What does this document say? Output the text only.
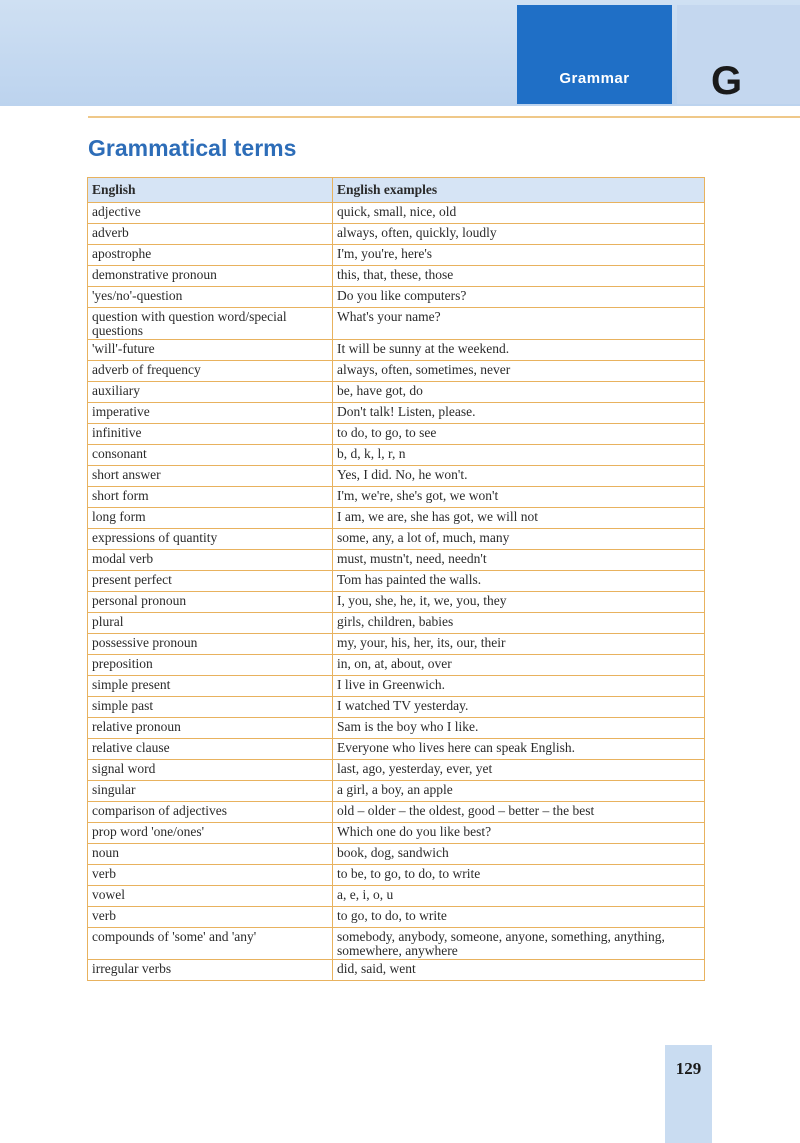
Grammar	G
Grammatical terms
English	English examples
adjective	quick, small, nice, old
adverb	always, often, quickly, loudly
apostrophe	I'm, you're, here's
demonstrative pronoun	this, that, these, those
'yes/no'-question	Do you like computers?
question with question word/special questions	What's your name?
'will'-future	It will be sunny at the weekend.
adverb of frequency	always, often, sometimes, never
auxiliary	be, have got, do
imperative	Don't talk! Listen, please.
infinitive	to do, to go, to see
consonant	b, d, k, l, r, n
short answer	Yes, I did. No, he won't.
short form	I'm, we're, she's got, we won't
long form	I am, we are, she has got, we will not
expressions of quantity	some, any, a lot of, much, many
modal verb	must, mustn't, need, needn't
present perfect	Tom has painted the walls.
personal pronoun	I, you, she, he, it, we, you, they
plural	girls, children, babies
possessive pronoun	my, your, his, her, its, our, their
preposition	in, on, at, about, over
simple present	I live in Greenwich.
simple past	I watched TV yesterday.
relative pronoun	Sam is the boy who I like.
relative clause	Everyone who lives here can speak English.
signal word	last, ago, yesterday, ever, yet
singular	a girl, a boy, an apple
comparison of adjectives	old – older – the oldest, good – better – the best
prop word 'one/ones'	Which one do you like best?
noun	book, dog, sandwich
verb	to be, to go, to do, to write
vowel	a, e, i, o, u
verb	to go, to do, to write
compounds of 'some' and 'any'	somebody, anybody, someone, anyone, something, anything, somewhere, anywhere
irregular verbs	did, said, went
129
